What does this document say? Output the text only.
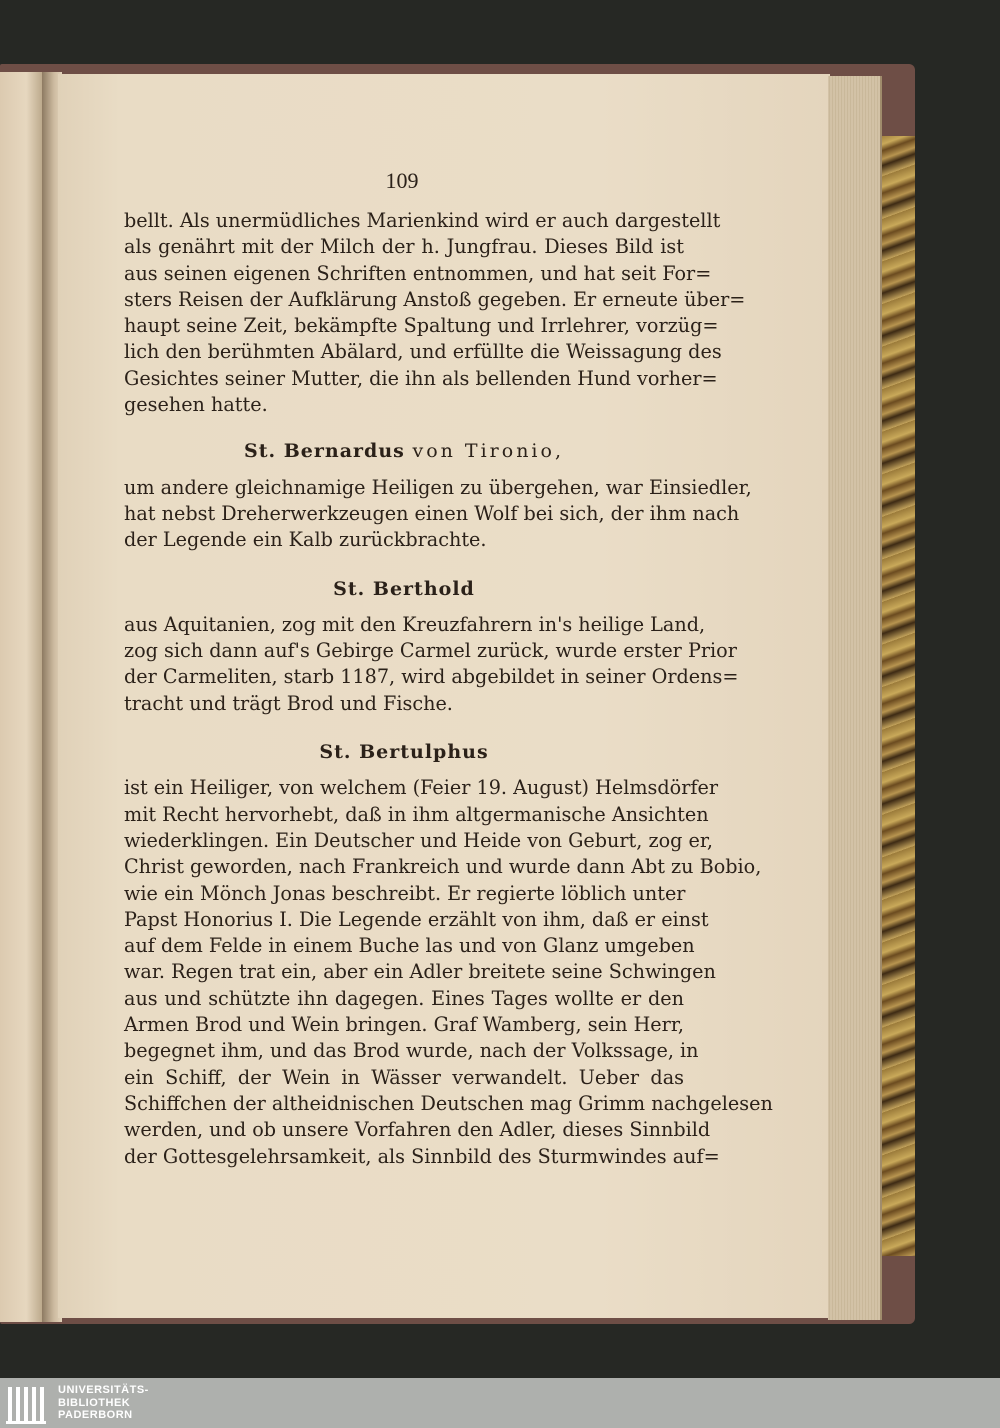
109
bellt. Als unermüdliches Marienkind wird er auch dargestellt
als genährt mit der Milch der h. Jungfrau. Dieses Bild ist
aus seinen eigenen Schriften entnommen, und hat seit For=
sters Reisen der Aufklärung Anstoß gegeben. Er erneute über=
haupt seine Zeit, bekämpfte Spaltung und Irrlehrer, vorzüg=
lich den berühmten Abälard, und erfüllte die Weissagung des
Gesichtes seiner Mutter, die ihn als bellenden Hund vorher=
gesehen hatte.
St. Bernardus von Tironio,
um andere gleichnamige Heiligen zu übergehen, war Einsiedler,
hat nebst Dreherwerkzeugen einen Wolf bei sich, der ihm nach
der Legende ein Kalb zurückbrachte.
St. Berthold
aus Aquitanien, zog mit den Kreuzfahrern in's heilige Land,
zog sich dann auf's Gebirge Carmel zurück, wurde erster Prior
der Carmeliten, starb 1187, wird abgebildet in seiner Ordens=
tracht und trägt Brod und Fische.
St. Bertulphus
ist ein Heiliger, von welchem (Feier 19. August) Helmsdörfer
mit Recht hervorhebt, daß in ihm altgermanische Ansichten
wiederklingen. Ein Deutscher und Heide von Geburt, zog er,
Christ geworden, nach Frankreich und wurde dann Abt zu Bobio,
wie ein Mönch Jonas beschreibt. Er regierte löblich unter
Papst Honorius I. Die Legende erzählt von ihm, daß er einst
auf dem Felde in einem Buche las und von Glanz umgeben
war. Regen trat ein, aber ein Adler breitete seine Schwingen
aus und schützte ihn dagegen. Eines Tages wollte er den
Armen Brod und Wein bringen. Graf Wamberg, sein Herr,
begegnet ihm, und das Brod wurde, nach der Volkssage, in
ein Schiff, der Wein in Wässer verwandelt. Ueber das
Schiffchen der altheidnischen Deutschen mag Grimm nachgelesen
werden, und ob unsere Vorfahren den Adler, dieses Sinnbild
der Gottesgelehrsamkeit, als Sinnbild des Sturmwindes auf=
UNIVERSITÄTS-
BIBLIOTHEK
PADERBORN
